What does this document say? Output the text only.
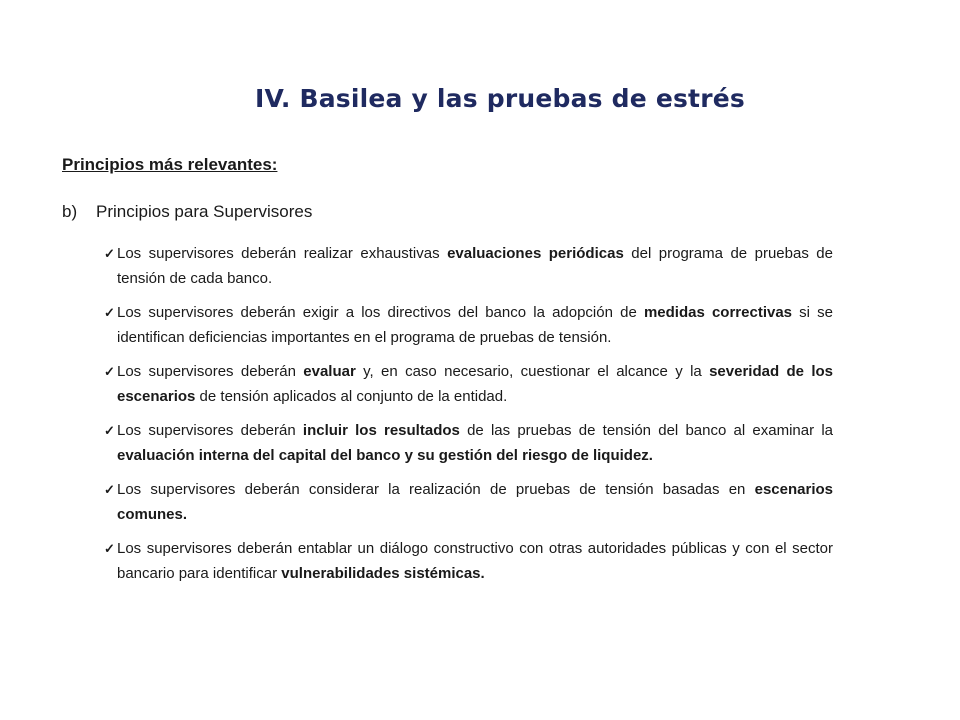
IV. Basilea y las pruebas de estrés
Principios más relevantes:
b)	Principios para Supervisores
✓ Los supervisores deberán realizar exhaustivas evaluaciones periódicas del programa de pruebas de tensión de cada banco.
✓ Los supervisores deberán exigir a los directivos del banco la adopción de medidas correctivas si se identifican deficiencias importantes en el programa de pruebas de tensión.
✓ Los supervisores deberán evaluar y, en caso necesario, cuestionar el alcance y la severidad de los escenarios de tensión aplicados al conjunto de la entidad.
✓ Los supervisores deberán incluir los resultados de las pruebas de tensión del banco al examinar la evaluación interna del capital del banco y su gestión del riesgo de liquidez.
✓ Los supervisores deberán considerar la realización de pruebas de tensión basadas en escenarios comunes.
✓ Los supervisores deberán entablar un diálogo constructivo con otras autoridades públicas y con el sector bancario para identificar vulnerabilidades sistémicas.
